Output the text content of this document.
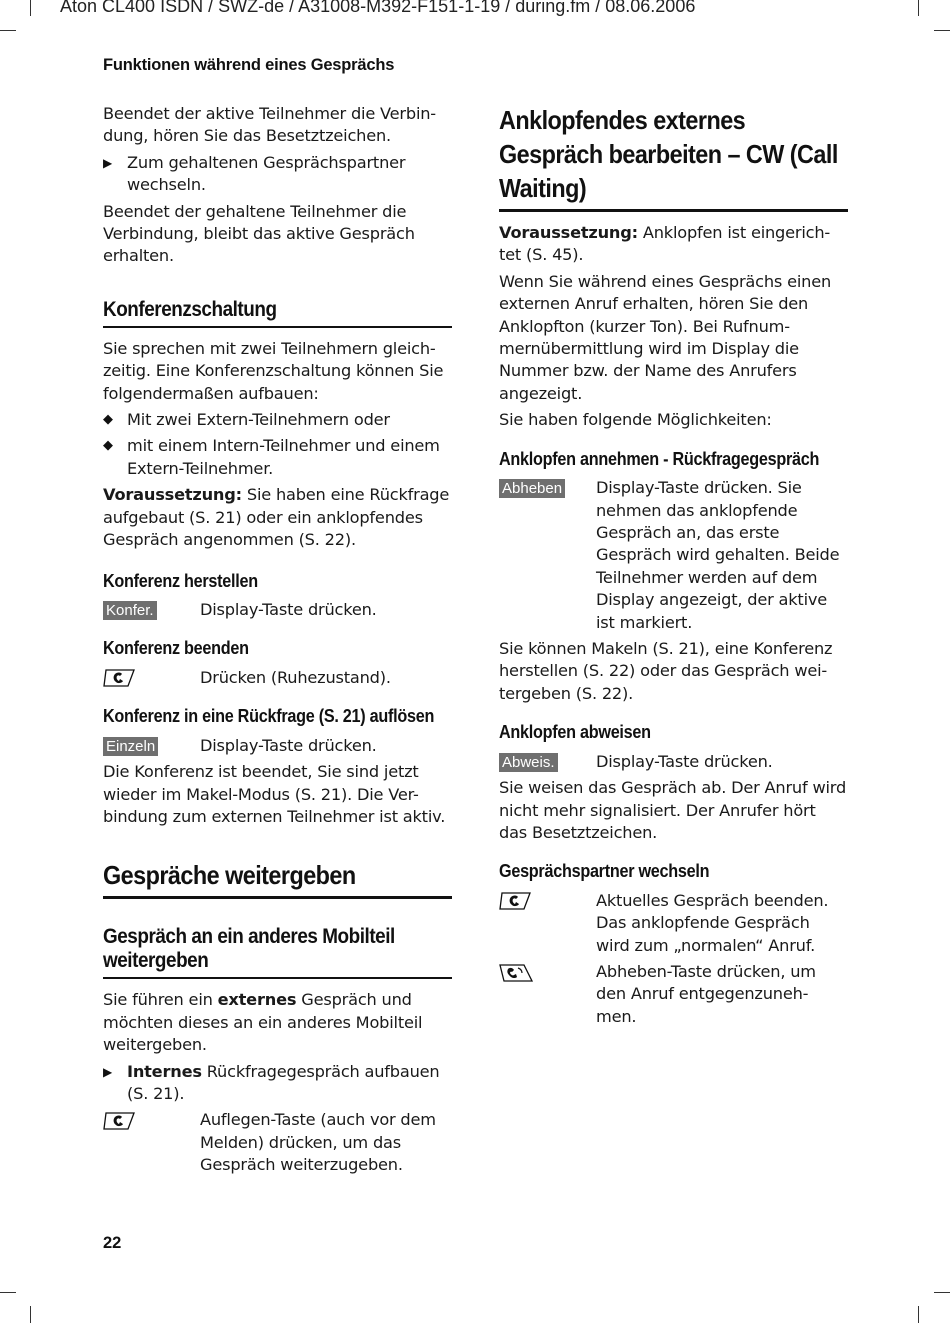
Aton CL400 ISDN / SWZ-de / A31008-M392-F151-1-19 / during.fm / 08.06.2006
Funktionen während eines Gesprächs

Beendet der aktive Teilnehmer die Verbin-dung, hören Sie das Besetztzeichen.

▶ Zum gehaltenen Gesprächspartner wechseln.

Beendet der gehaltene Teilnehmer die Verbindung, bleibt das aktive Gespräch erhalten.

Konferenzschaltung

Sie sprechen mit zwei Teilnehmern gleich-zeitig. Eine Konferenzschaltung können Sie folgendermaßen aufbauen:

◆ Mit zwei Extern-Teilnehmern oder
◆ mit einem Intern-Teilnehmer und einem Extern-Teilnehmer.

Voraussetzung: Sie haben eine Rückfrage aufgebaut (S. 21) oder ein anklopfendes Gespräch angenommen (S. 22).

Konferenz herstellen
Konfer.	Display-Taste drücken.
Konferenz beenden
Drücken (Ruhezustand).
Konferenz in eine Rückfrage (S. 21) auflösen
Einzeln	Display-Taste drücken.

Die Konferenz ist beendet, Sie sind jetzt wieder im Makel-Modus (S. 21). Die Ver-bindung zum externen Teilnehmer ist aktiv.

Gespräche weitergeben
Gespräch an ein anderes Mobilteil weitergeben

Sie führen ein externes Gespräch und möchten dieses an ein anderes Mobilteil weitergeben.

▶ Internes Rückfragegespräch aufbauen (S. 21).
Auflegen-Taste (auch vor dem Melden) drücken, um das Gespräch weiterzugeben.
Anklopfendes externes Gespräch bearbeiten – CW (Call Waiting)

Voraussetzung: Anklopfen ist eingerich-tet (S. 45).

Wenn Sie während eines Gesprächs einen externen Anruf erhalten, hören Sie den Anklopfton (kurzer Ton). Bei Rufnum-mernübermittlung wird im Display die Nummer bzw. der Name des Anrufers angezeigt.

Sie haben folgende Möglichkeiten:

Anklopfen annehmen - Rückfragegespräch
Abheben	Display-Taste drücken. Sie nehmen das anklopfende Gespräch an, das erste Gespräch wird gehalten. Beide Teilnehmer werden auf dem Display angezeigt, der aktive ist markiert.

Sie können Makeln (S. 21), eine Konferenz herstellen (S. 22) oder das Gespräch wei-tergeben (S. 22).

Anklopfen abweisen
Abweis.	Display-Taste drücken.

Sie weisen das Gespräch ab. Der Anruf wird nicht mehr signalisiert. Der Anrufer hört das Besetztzeichen.

Gesprächspartner wechseln
Aktuelles Gespräch beenden. Das anklopfende Gespräch wird zum „normalen“ Anruf.
Abheben-Taste drücken, um den Anruf entgegenzuneh-men.
22
